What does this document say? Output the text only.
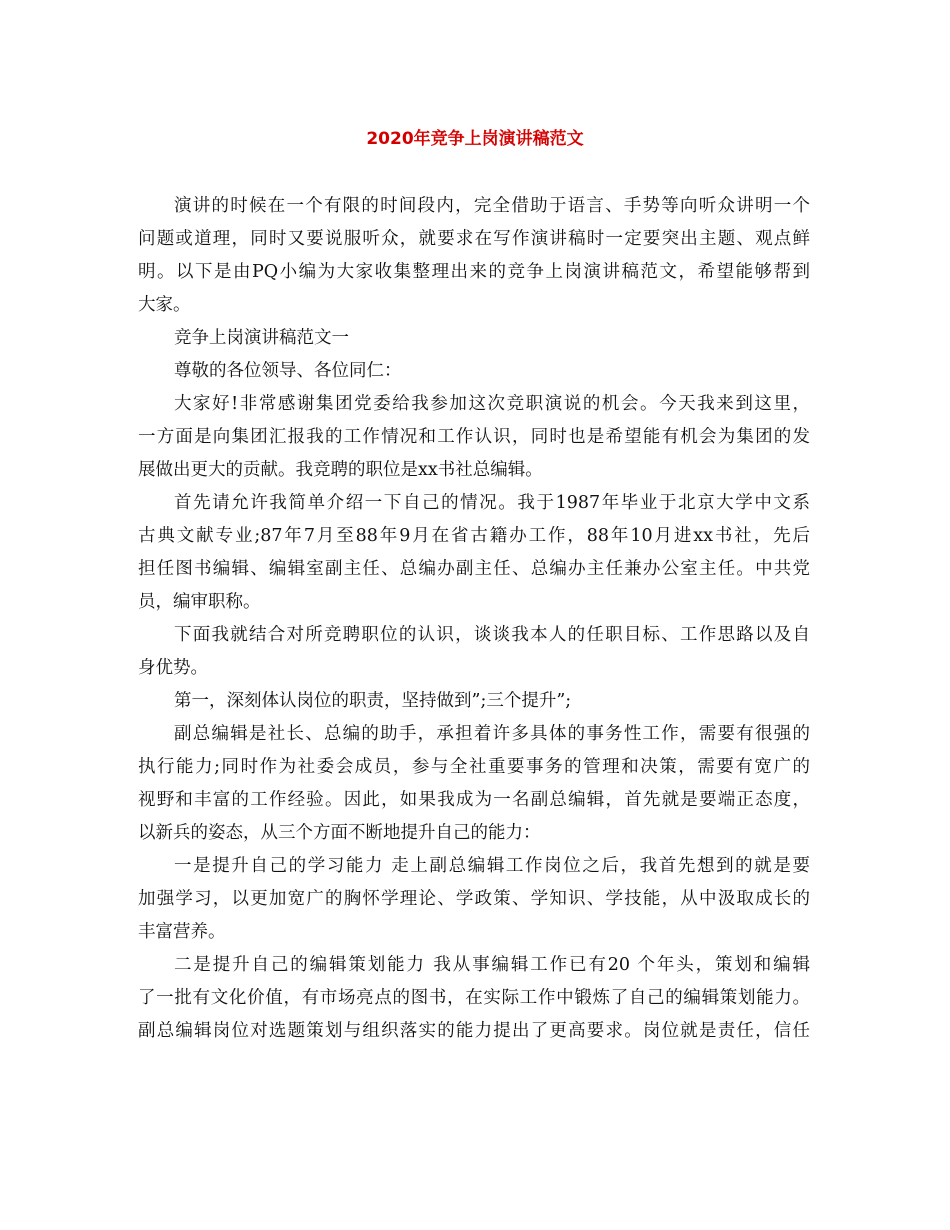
2020年竞争上岗演讲稿范文
演讲的时候在一个有限的时间段内，完全借助于语言、手势等向听众讲明一个
问题或道理，同时又要说服听众，就要求在写作演讲稿时一定要突出主题、观点鲜
明。以下是由PQ小编为大家收集整理出来的竞争上岗演讲稿范文，希望能够帮到
大家。
竞争上岗演讲稿范文一
尊敬的各位领导、各位同仁：
大家好!非常感谢集团党委给我参加这次竞职演说的机会。今天我来到这里，
一方面是向集团汇报我的工作情况和工作认识，同时也是希望能有机会为集团的发
展做出更大的贡献。我竞聘的职位是xx书社总编辑。
首先请允许我简单介绍一下自己的情况。我于1987年毕业于北京大学中文系
古典文献专业;87年7月至88年9月在省古籍办工作，88年10月进xx书社，先后
担任图书编辑、编辑室副主任、总编办副主任、总编办主任兼办公室主任。中共党
员，编审职称。
下面我就结合对所竞聘职位的认识，谈谈我本人的任职目标、工作思路以及自
身优势。
第一，深刻体认岗位的职责，坚持做到”;三个提升”;
副总编辑是社长、总编的助手，承担着许多具体的事务性工作，需要有很强的
执行能力;同时作为社委会成员，参与全社重要事务的管理和决策，需要有宽广的
视野和丰富的工作经验。因此，如果我成为一名副总编辑，首先就是要端正态度，
以新兵的姿态，从三个方面不断地提升自己的能力：
一是提升自己的学习能力 走上副总编辑工作岗位之后，我首先想到的就是要
加强学习，以更加宽广的胸怀学理论、学政策、学知识、学技能，从中汲取成长的
丰富营养。
二是提升自己的编辑策划能力 我从事编辑工作已有20 个年头，策划和编辑
了一批有文化价值，有市场亮点的图书，在实际工作中锻炼了自己的编辑策划能力。
副总编辑岗位对选题策划与组织落实的能力提出了更高要求。岗位就是责任，信任
